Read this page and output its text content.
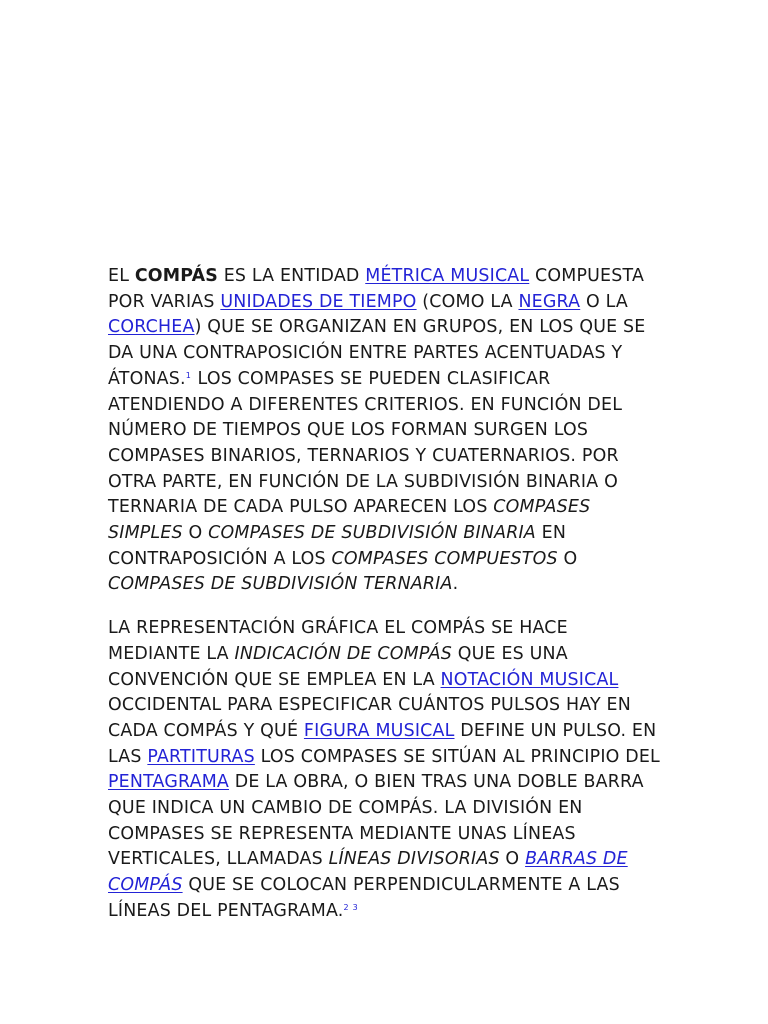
EL COMPÁS ES LA ENTIDAD MÉTRICA MUSICAL COMPUESTA POR VARIAS UNIDADES DE TIEMPO (COMO LA NEGRA O LA CORCHEA) QUE SE ORGANIZAN EN GRUPOS, EN LOS QUE SE DA UNA CONTRAPOSICIÓN ENTRE PARTES ACENTUADAS Y ÁTONAS.$^1$ LOS COMPASES SE PUEDEN CLASIFICAR ATENDIENDO A DIFERENTES CRITERIOS. EN FUNCIÓN DEL NÚMERO DE TIEMPOS QUE LOS FORMAN SURGEN LOS COMPASES BINARIOS, TERNARIOS Y CUATERNARIOS. POR OTRA PARTE, EN FUNCIÓN DE LA SUBDIVISIÓN BINARIA O TERNARIA DE CADA PULSO APARECEN LOS COMPASES SIMPLES O COMPASES DE SUBDIVISIÓN BINARIA EN CONTRAPOSICIÓN A LOS COMPASES COMPUESTOS O COMPASES DE SUBDIVISIÓN TERNARIA.

LA REPRESENTACIÓN GRÁFICA EL COMPÁS SE HACE MEDIANTE LA INDICACIÓN DE COMPÁS QUE ES UNA CONVENCIÓN QUE SE EMPLEA EN LA NOTACIÓN MUSICAL OCCIDENTAL PARA ESPECIFICAR CUÁNTOS PULSOS HAY EN CADA COMPÁS Y QUÉ FIGURA MUSICAL DEFINE UN PULSO. EN LAS PARTITURAS LOS COMPASES SE SITÚAN AL PRINCIPIO DEL PENTAGRAMA DE LA OBRA, O BIEN TRAS UNA DOBLE BARRA QUE INDICA UN CAMBIO DE COMPÁS. LA DIVISIÓN EN COMPASES SE REPRESENTA MEDIANTE UNAS LÍNEAS VERTICALES, LLAMADAS LÍNEAS DIVISORIAS O BARRAS DE COMPÁS QUE SE COLOCAN PERPENDICULARMENTE A LAS LÍNEAS DEL PENTAGRAMA.$^{2 3}$
